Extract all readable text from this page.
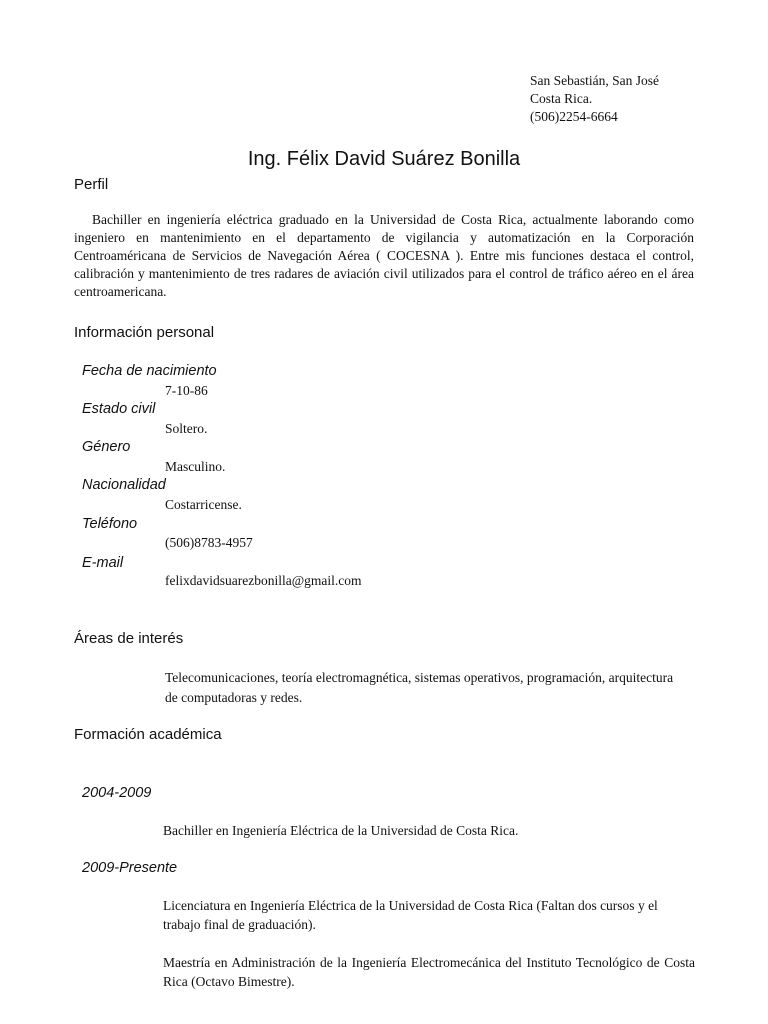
San Sebastián, San José
Costa Rica.
(506)2254-6664
Ing. Félix David Suárez Bonilla
Perfil

Bachiller en ingeniería eléctrica graduado en la Universidad de Costa Rica, actualmente laborando como ingeniero en mantenimiento en el departamento de vigilancia y automatización en la Corporación Centroaméricana de Servicios de Navegación Aérea ( COCESNA ). Entre mis funciones destaca el control, calibración y mantenimiento de tres radares de aviación civil utilizados para el control de tráfico aéreo en el área centroamericana.

Información personal
Fecha de nacimiento
7-10-86
Estado civil
Soltero.
Género
Masculino.
Nacionalidad
Costarricense.
Teléfono
(506)8783-4957
E-mail
felixdavidsuarezbonilla@gmail.com
Áreas de interés

Telecomunicaciones, teoría electromagnética, sistemas operativos, programación, arquitectura de computadoras y redes.

Formación académica
2004-2009

Bachiller en Ingeniería Eléctrica de la Universidad de Costa Rica.

2009-Presente

Licenciatura en Ingeniería Eléctrica de la Universidad de Costa Rica (Faltan dos cursos y el trabajo final de graduación).

Maestría en Administración de la Ingeniería Electromecánica del Instituto Tecnológico de Costa Rica (Octavo Bimestre).
